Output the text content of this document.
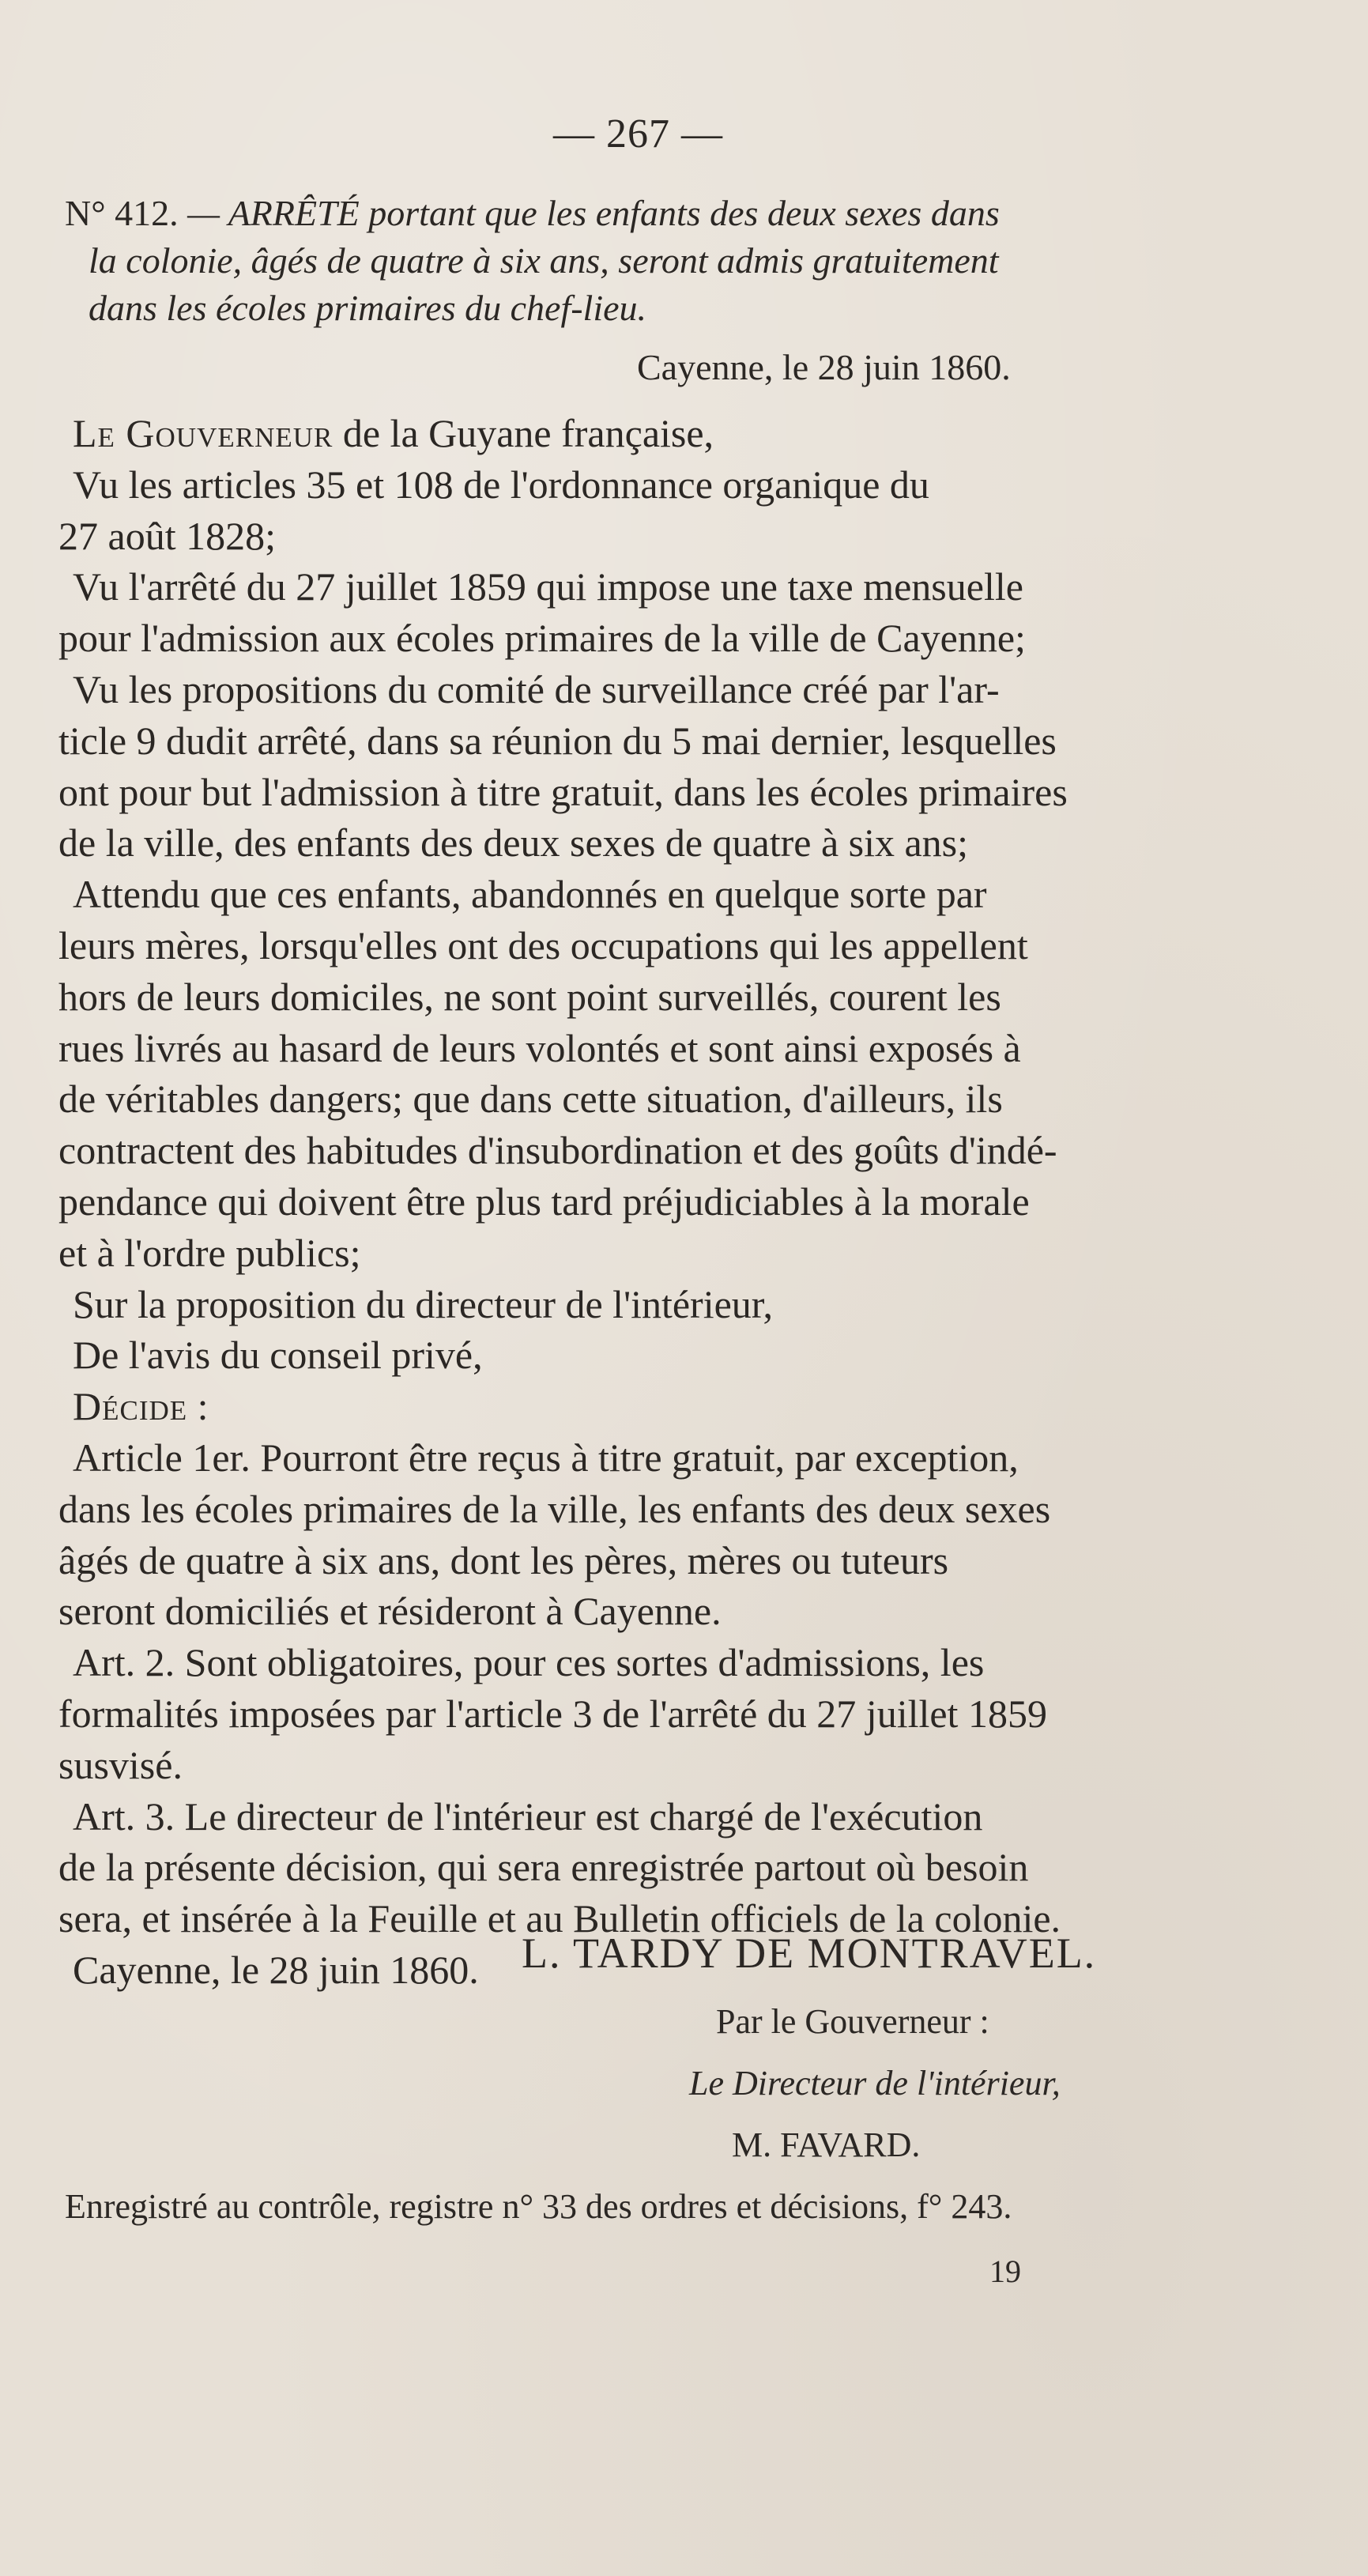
— 267 —
N° 412. — ARRÊTÉ portant que les enfants des deux sexes dans
la colonie, âgés de quatre à six ans, seront admis gratuitement
dans les écoles primaires du chef-lieu.
Cayenne, le 28 juin 1860.
Le Gouverneur de la Guyane française,
Vu les articles 35 et 108 de l'ordonnance organique du
27 août 1828;
Vu l'arrêté du 27 juillet 1859 qui impose une taxe mensuelle
pour l'admission aux écoles primaires de la ville de Cayenne;
Vu les propositions du comité de surveillance créé par l'ar-
ticle 9 dudit arrêté, dans sa réunion du 5 mai dernier, lesquelles
ont pour but l'admission à titre gratuit, dans les écoles primaires
de la ville, des enfants des deux sexes de quatre à six ans;
Attendu que ces enfants, abandonnés en quelque sorte par
leurs mères, lorsqu'elles ont des occupations qui les appellent
hors de leurs domiciles, ne sont point surveillés, courent les
rues livrés au hasard de leurs volontés et sont ainsi exposés à
de véritables dangers; que dans cette situation, d'ailleurs, ils
contractent des habitudes d'insubordination et des goûts d'indé-
pendance qui doivent être plus tard préjudiciables à la morale
et à l'ordre publics;
Sur la proposition du directeur de l'intérieur,
De l'avis du conseil privé,
Décide :
Article 1er. Pourront être reçus à titre gratuit, par exception,
dans les écoles primaires de la ville, les enfants des deux sexes
âgés de quatre à six ans, dont les pères, mères ou tuteurs
seront domiciliés et résideront à Cayenne.
Art. 2. Sont obligatoires, pour ces sortes d'admissions, les
formalités imposées par l'article 3 de l'arrêté du 27 juillet 1859
susvisé.
Art. 3. Le directeur de l'intérieur est chargé de l'exécution
de la présente décision, qui sera enregistrée partout où besoin
sera, et insérée à la Feuille et au Bulletin officiels de la colonie.
Cayenne, le 28 juin 1860. L. TARDY DE MONTRAVEL.
Par le Gouverneur :
Le Directeur de l'intérieur,
M. FAVARD.
Enregistré au contrôle, registre n° 33 des ordres et décisions, f° 243.
19
